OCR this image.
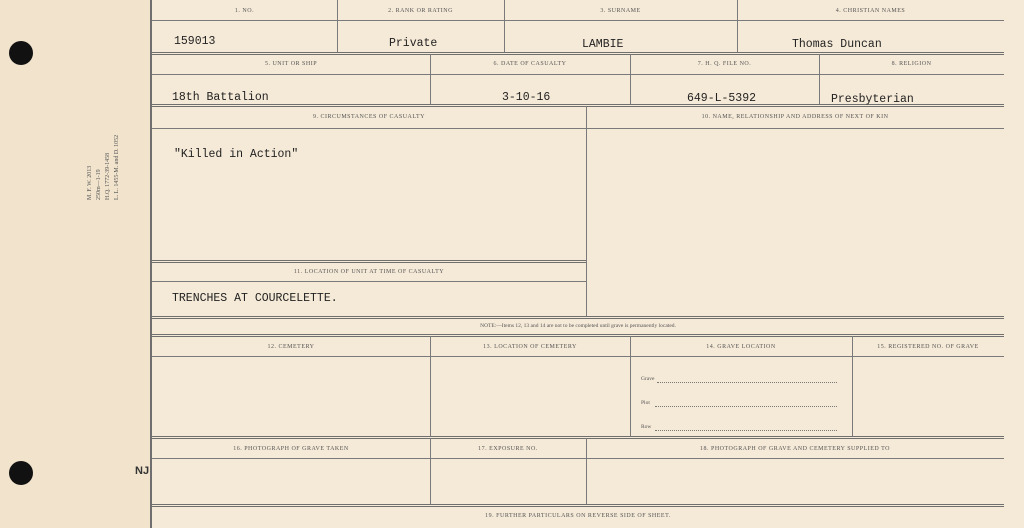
M. F. W. 2013 250m—1-19 H.Q. 1772-39-1458 L. L. 1455-M. and D. 1052
NJ
1. NO.	2. RANK OR RATING	3. SURNAME	4. CHRISTIAN NAMES
159013	Private	LAMBIE	Thomas Duncan
5. UNIT OR SHIP	6. DATE OF CASUALTY	7. H. Q. FILE NO.	8. RELIGION
18th Battalion	3-10-16	649-L-5392	Presbyterian
9. CIRCUMSTANCES OF CASUALTY	10. NAME, RELATIONSHIP AND ADDRESS OF NEXT OF KIN
"Killed in Action"
11. LOCATION OF UNIT AT TIME OF CASUALTY
TRENCHES AT COURCELETTE.
NOTE:—Items 12, 13 and 14 are not to be completed until grave is permanently located.
12. CEMETERY	13. LOCATION OF CEMETERY	14. GRAVE LOCATION	15. REGISTERED NO. OF GRAVE
Grave
Plot
Row
16. PHOTOGRAPH OF GRAVE TAKEN	17. EXPOSURE NO.	18. PHOTOGRAPH OF GRAVE AND CEMETERY SUPPLIED TO
19. FURTHER PARTICULARS ON REVERSE SIDE OF SHEET.
